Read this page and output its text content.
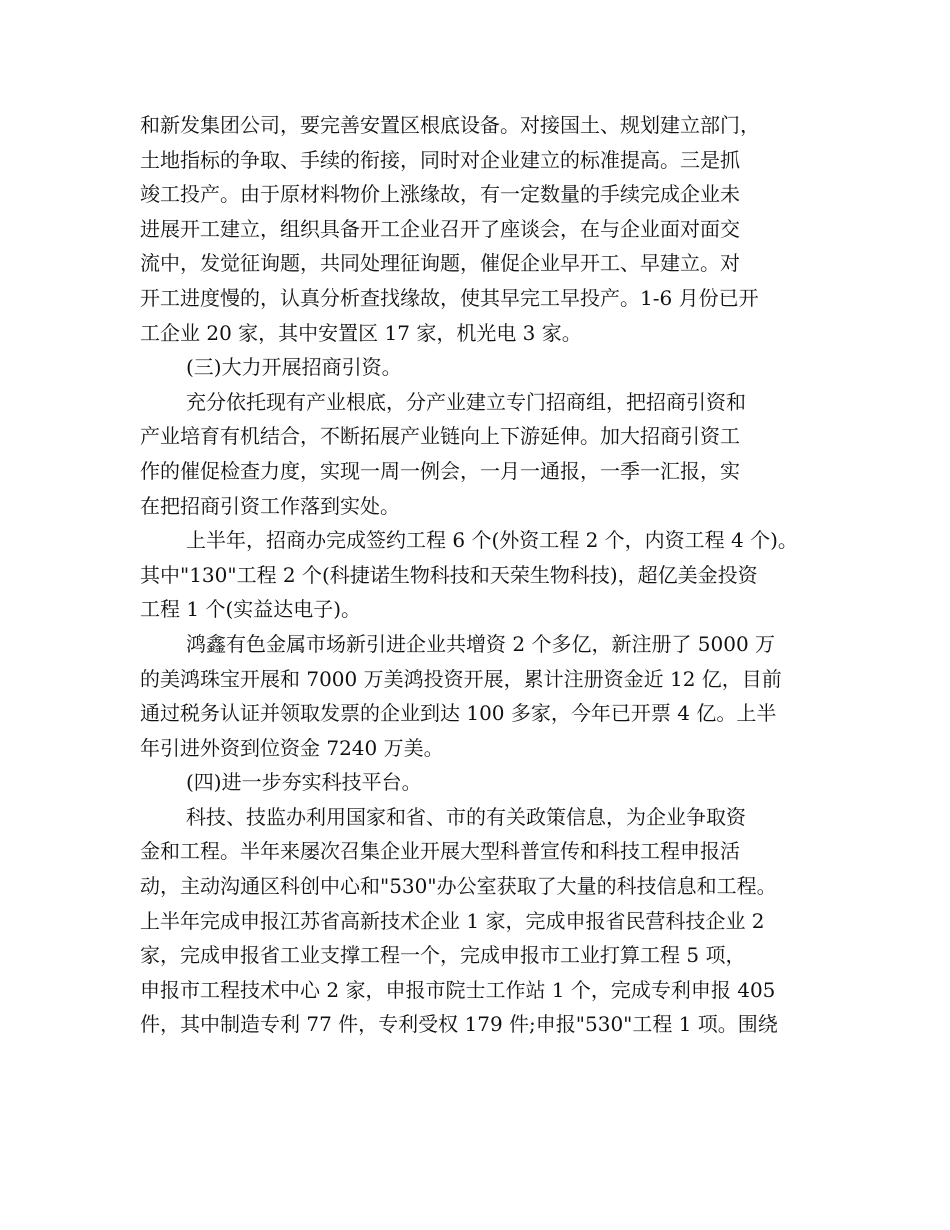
和新发集团公司，要完善安置区根底设备。对接国土、规划建立部门，
土地指标的争取、手续的衔接，同时对企业建立的标准提高。三是抓
竣工投产。由于原材料物价上涨缘故，有一定数量的手续完成企业未
进展开工建立，组织具备开工企业召开了座谈会，在与企业面对面交
流中，发觉征询题，共同处理征询题，催促企业早开工、早建立。对
开工进度慢的，认真分析查找缘故，使其早完工早投产。1-6 月份已开
工企业 20 家，其中安置区 17 家，机光电 3 家。
(三)大力开展招商引资。
充分依托现有产业根底，分产业建立专门招商组，把招商引资和
产业培育有机结合，不断拓展产业链向上下游延伸。加大招商引资工
作的催促检查力度，实现一周一例会，一月一通报，一季一汇报，实
在把招商引资工作落到实处。
上半年，招商办完成签约工程 6 个(外资工程 2 个，内资工程 4 个)。
其中"130"工程 2 个(科捷诺生物科技和天荣生物科技)，超亿美金投资
工程 1 个(实益达电子)。
鸿鑫有色金属市场新引进企业共增资 2 个多亿，新注册了 5000 万
的美鸿珠宝开展和 7000 万美鸿投资开展，累计注册资金近 12 亿，目前
通过税务认证并领取发票的企业到达 100 多家，今年已开票 4 亿。上半
年引进外资到位资金 7240 万美。
(四)进一步夯实科技平台。
科技、技监办利用国家和省、市的有关政策信息，为企业争取资
金和工程。半年来屡次召集企业开展大型科普宣传和科技工程申报活
动，主动沟通区科创中心和"530"办公室获取了大量的科技信息和工程。
上半年完成申报江苏省高新技术企业 1 家，完成申报省民营科技企业 2
家，完成申报省工业支撑工程一个，完成申报市工业打算工程 5 项，
申报市工程技术中心 2 家，申报市院士工作站 1 个，完成专利申报 405
件，其中制造专利 77 件，专利受权 179 件;申报"530"工程 1 项。围绕
